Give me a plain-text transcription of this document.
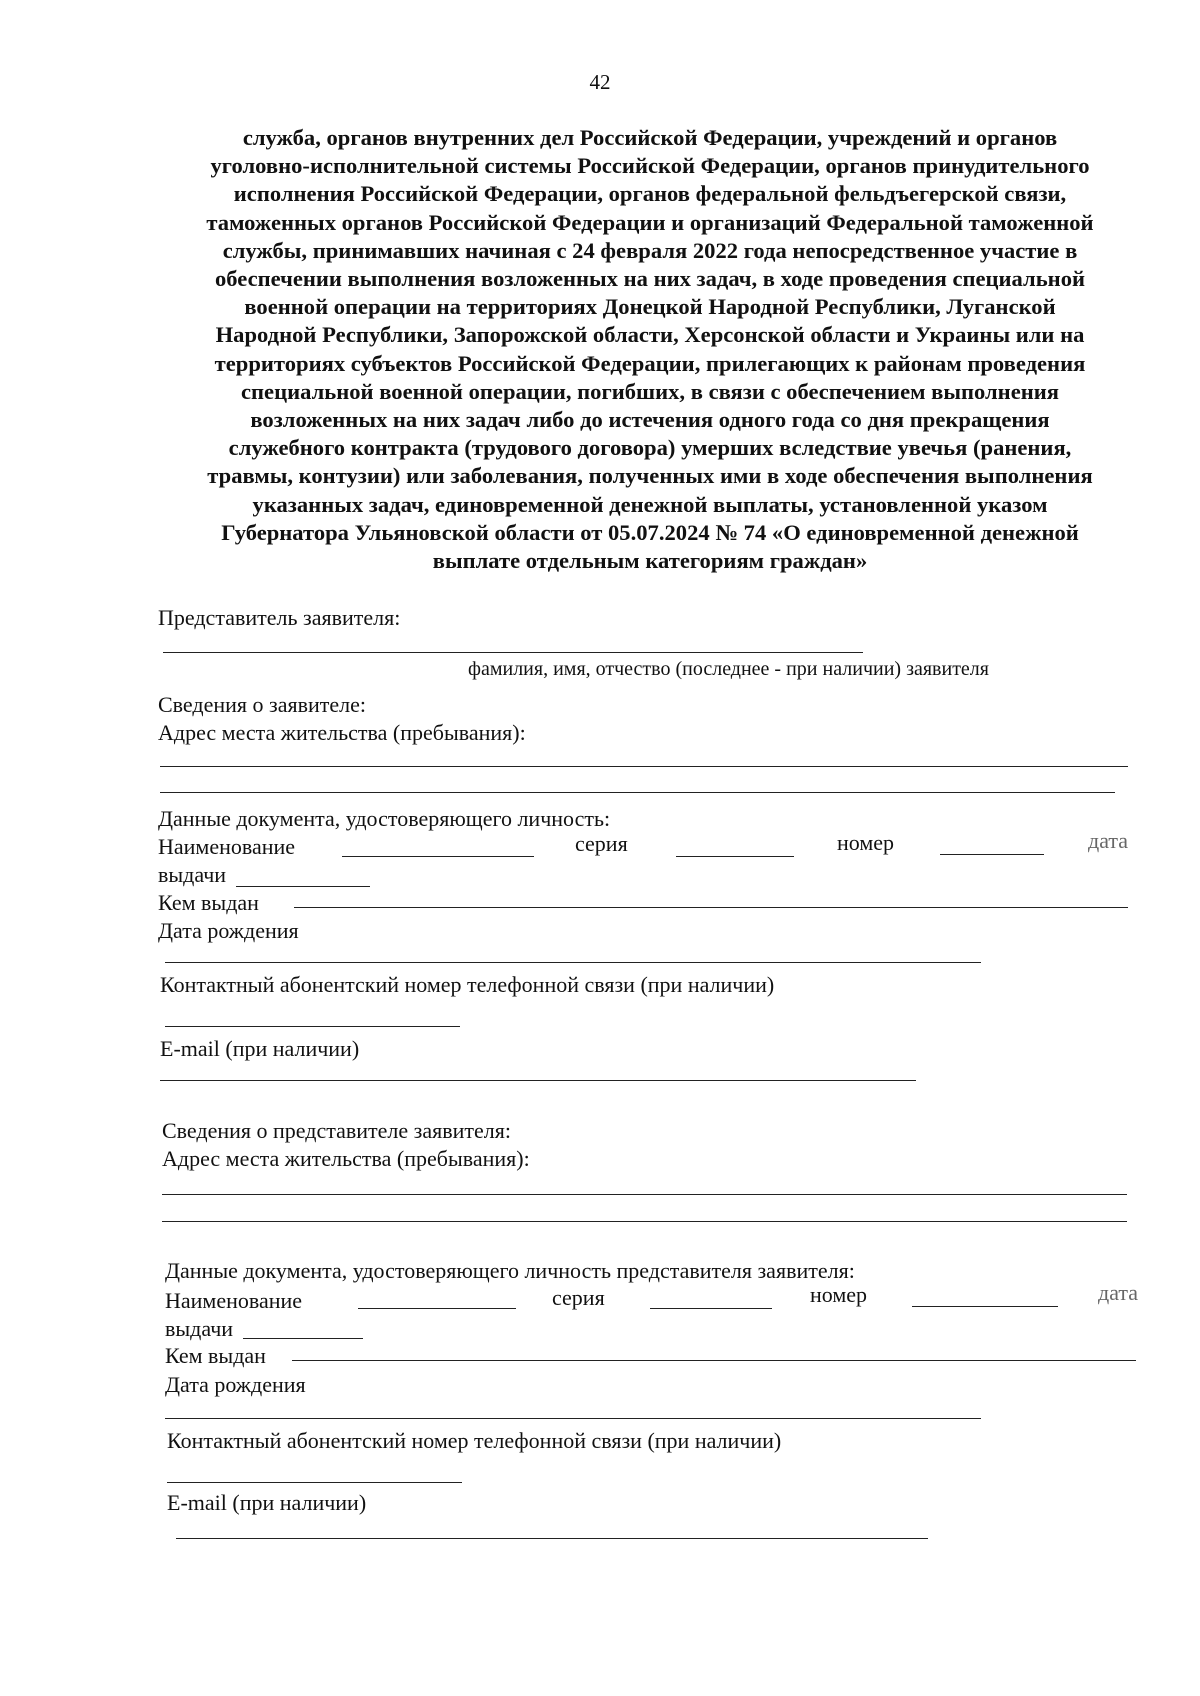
42
служба, органов внутренних дел Российской Федерации, учреждений и органов
уголовно-исполнительной системы Российской Федерации, органов принудительного
исполнения Российской Федерации, органов федеральной фельдъегерской связи,
таможенных органов Российской Федерации и организаций Федеральной таможенной
службы, принимавших начиная с 24 февраля 2022 года непосредственное участие в
обеспечении выполнения возложенных на них задач, в ходе проведения специальной
военной операции на территориях Донецкой Народной Республики, Луганской
Народной Республики, Запорожской области, Херсонской области и Украины или на
территориях субъектов Российской Федерации, прилегающих к районам проведения
специальной военной операции, погибших, в связи с обеспечением выполнения
возложенных на них задач либо до истечения одного года со дня прекращения
служебного контракта (трудового договора) умерших вследствие увечья (ранения,
травмы, контузии) или заболевания, полученных ими в ходе обеспечения выполнения
указанных задач, единовременной денежной выплаты, установленной указом
Губернатора Ульяновской области от 05.07.2024 № 74 «О единовременной денежной
выплате отдельным категориям граждан»
Представитель заявителя:
фамилия, имя, отчество (последнее - при наличии) заявителя
Сведения о заявителе:
Адрес места жительства (пребывания):
Данные документа, удостоверяющего личность:
Наименование	серия	номер	дата
выдачи
Кем выдан
Дата рождения
Контактный абонентский номер телефонной связи (при наличии)
E-mail (при наличии)
Сведения о представителе заявителя:
Адрес места жительства (пребывания):
Данные документа, удостоверяющего личность представителя заявителя:
Наименование	серия	номер	дата
выдачи
Кем выдан
Дата рождения
Контактный абонентский номер телефонной связи (при наличии)
E-mail (при наличии)
